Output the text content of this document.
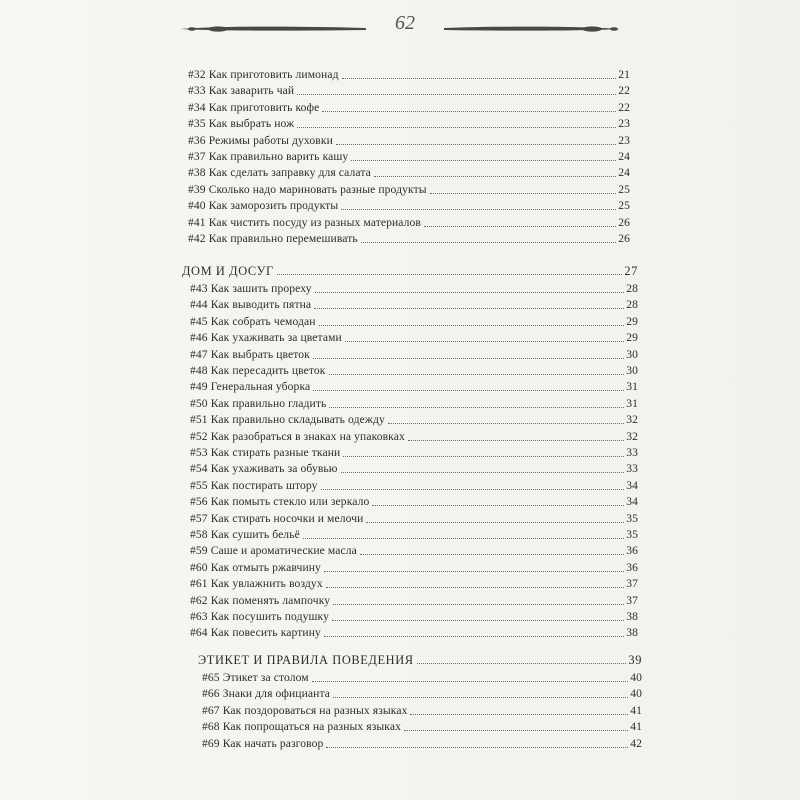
62
#32 Как приготовить лимонад	21
#33 Как заварить чай	22
#34 Как приготовить кофе	22
#35 Как выбрать нож	23
#36 Режимы работы духовки	23
#37 Как правильно варить кашу	24
#38 Как сделать заправку для салата	24
#39 Сколько надо мариновать разные продукты	25
#40 Как заморозить продукты	25
#41 Как чистить посуду из разных материалов	26
#42 Как правильно перемешивать	26
ДОМ И ДОСУГ	27
#43 Как зашить прореху	28
#44 Как выводить пятна	28
#45 Как собрать чемодан	29
#46 Как ухаживать за цветами	29
#47 Как выбрать цветок	30
#48 Как пересадить цветок	30
#49 Генеральная уборка	31
#50 Как правильно гладить	31
#51 Как правильно складывать одежду	32
#52 Как разобраться в знаках на упаковках	32
#53 Как стирать разные ткани	33
#54 Как ухаживать за обувью	33
#55 Как постирать штору	34
#56 Как помыть стекло или зеркало	34
#57 Как стирать носочки и мелочи	35
#58 Как сушить бельё	35
#59 Саше и ароматические масла	36
#60 Как отмыть ржавчину	36
#61 Как увлажнить воздух	37
#62 Как поменять лампочку	37
#63 Как посушить подушку	38
#64 Как повесить картину	38
ЭТИКЕТ И ПРАВИЛА ПОВЕДЕНИЯ	39
#65 Этикет за столом	40
#66 Знаки для официанта	40
#67 Как поздороваться на разных языках	41
#68 Как попрощаться на разных языках	41
#69 Как начать разговор	42
